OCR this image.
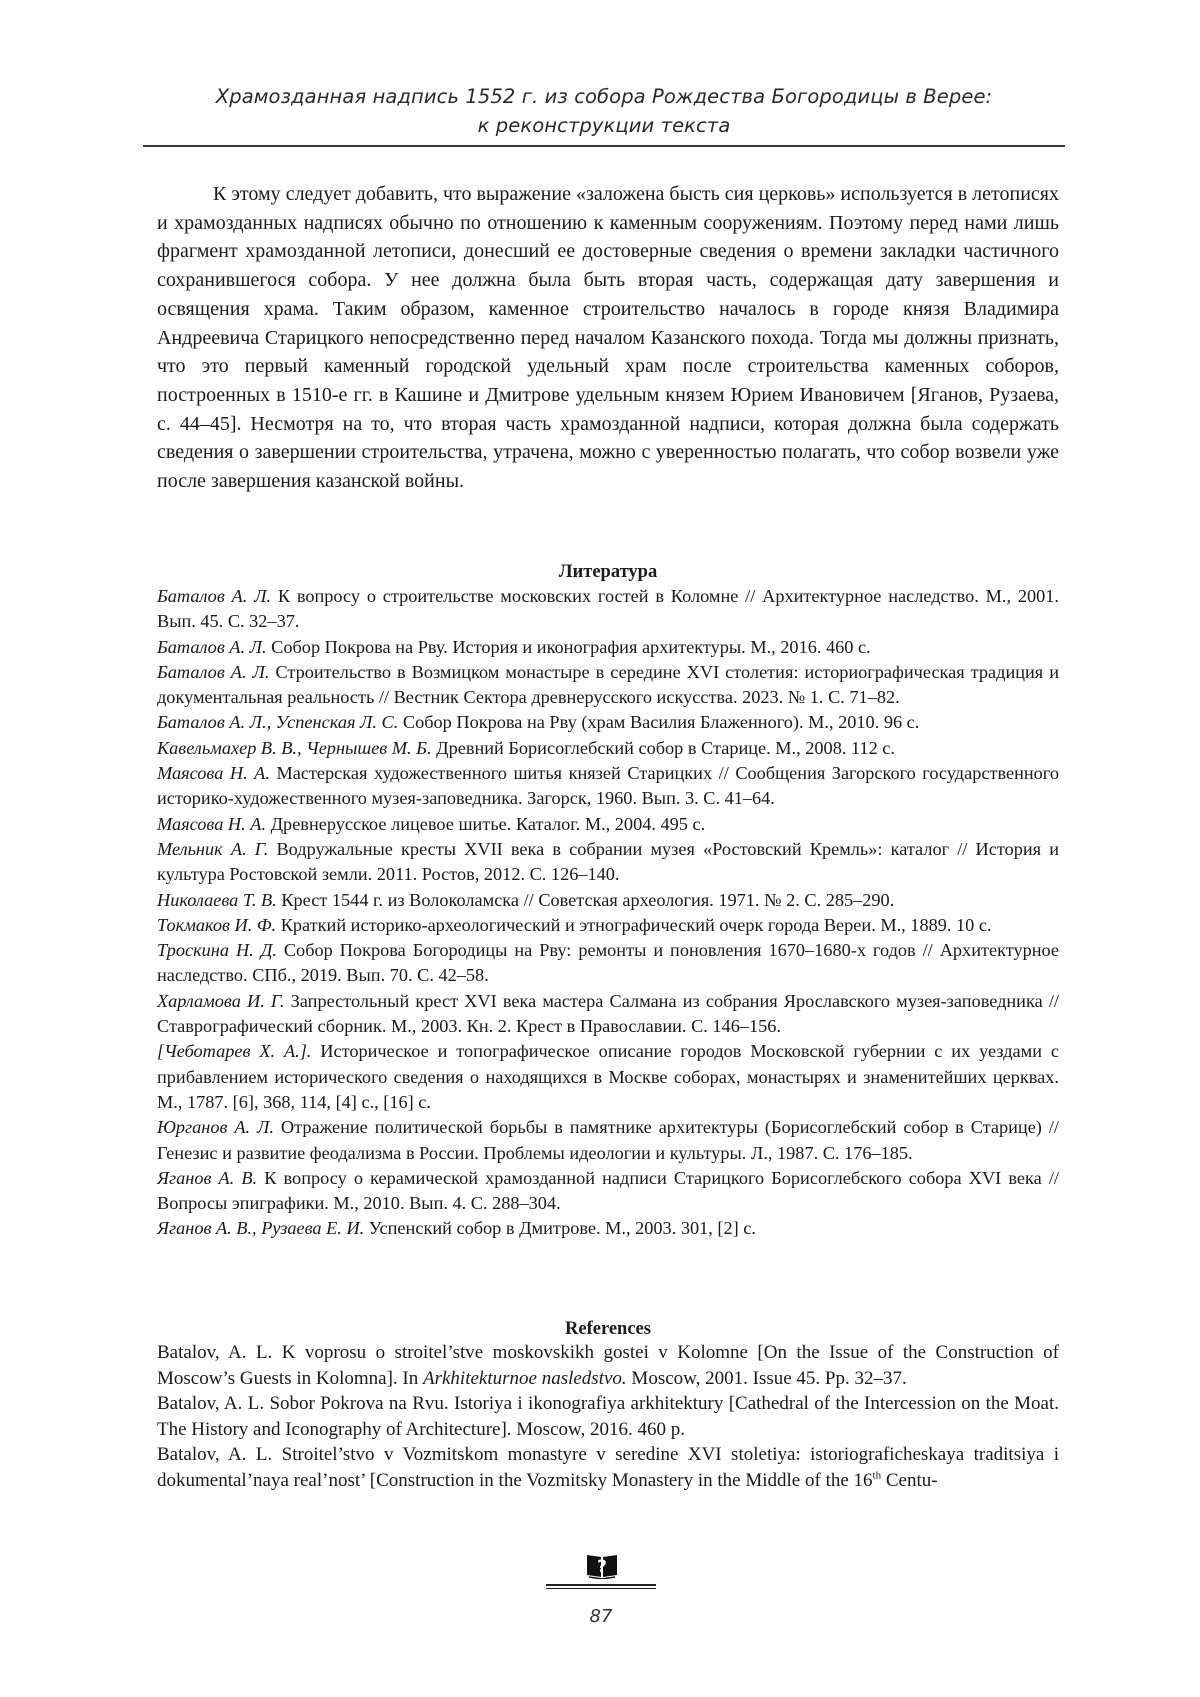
Храмозданная надпись 1552 г. из собора Рождества Богородицы в Верее:
к реконструкции текста

К этому следует добавить, что выражение «заложена бысть сия церковь» используется в летописях и храмозданных надписях обычно по отношению к каменным сооружениям. Поэтому перед нами лишь фрагмент храмозданной летописи, донесший ее достоверные сведения о времени закладки частичного сохранившегося собора. У нее должна была быть вторая часть, содержащая дату завершения и освящения храма. Таким образом, каменное строительство началось в городе князя Владимира Андреевича Старицкого непосредственно перед началом Казанского похода. Тогда мы должны признать, что это первый каменный городской удельный храм после строительства каменных соборов, построенных в 1510-е гг. в Кашине и Дмитрове удельным князем Юрием Ивановичем [Яганов, Рузаева, с. 44–45]. Несмотря на то, что вторая часть храмозданной надписи, которая должна была содержать сведения о завершении строительства, утрачена, можно с уверенностью полагать, что собор возвели уже после завершения казанской войны.

Литература

Баталов А. Л. К вопросу о строительстве московских гостей в Коломне // Архитектурное наследство. М., 2001. Вып. 45. С. 32–37.

Баталов А. Л. Собор Покрова на Рву. История и иконография архитектуры. М., 2016. 460 с.

Баталов А. Л. Строительство в Возмицком монастыре в середине XVI столетия: историографическая традиция и документальная реальность // Вестник Сектора древнерусского искусства. 2023. № 1. С. 71–82.

Баталов А. Л., Успенская Л. С. Собор Покрова на Рву (храм Василия Блаженного). М., 2010. 96 с.

Кавельмахер В. В., Чернышев М. Б. Древний Борисоглебский собор в Старице. М., 2008. 112 с.

Маясова Н. А. Мастерская художественного шитья князей Старицких // Сообщения Загорского государственного историко-художественного музея-заповедника. Загорск, 1960. Вып. 3. С. 41–64.

Маясова Н. А. Древнерусское лицевое шитье. Каталог. М., 2004. 495 с.

Мельник А. Г. Водружальные кресты XVII века в собрании музея «Ростовский Кремль»: каталог // История и культура Ростовской земли. 2011. Ростов, 2012. С. 126–140.

Николаева Т. В. Крест 1544 г. из Волоколамска // Советская археология. 1971. № 2. С. 285–290.

Токмаков И. Ф. Краткий историко-археологический и этнографический очерк города Вереи. М., 1889. 10 с.

Троскина Н. Д. Собор Покрова Богородицы на Рву: ремонты и поновления 1670–1680-х годов // Архитектурное наследство. СПб., 2019. Вып. 70. С. 42–58.

Харламова И. Г. Запрестольный крест XVI века мастера Салмана из собрания Ярославского музея-заповедника // Ставрографический сборник. М., 2003. Кн. 2. Крест в Православии. С. 146–156.

[Чеботарев Х. А.]. Историческое и топографическое описание городов Московской губернии с их уездами с прибавлением исторического сведения о находящихся в Москве соборах, монастырях и знаменитейших церквах. М., 1787. [6], 368, 114, [4] с., [16] с.

Юрганов А. Л. Отражение политической борьбы в памятнике архитектуры (Борисоглебский собор в Старице) // Генезис и развитие феодализма в России. Проблемы идеологии и культуры. Л., 1987. С. 176–185.

Яганов А. В. К вопросу о керамической храмозданной надписи Старицкого Борисоглебского собора XVI века // Вопросы эпиграфики. М., 2010. Вып. 4. С. 288–304.

Яганов А. В., Рузаева Е. И. Успенский собор в Дмитрове. М., 2003. 301, [2] с.

References

Batalov, A. L. K voprosu o stroitel’stve moskovskikh gostei v Kolomne [On the Issue of the Construction of Moscow’s Guests in Kolomna]. In Arkhitekturnoe nasledstvo. Moscow, 2001. Issue 45. Pp. 32–37.

Batalov, A. L. Sobor Pokrova na Rvu. Istoriya i ikonografiya arkhitektury [Cathedral of the Intercession on the Moat. The History and Iconography of Architecture]. Moscow, 2016. 460 p.

Batalov, A. L. Stroitel’stvo v Vozmitskom monastyre v seredine XVI stoletiya: istoriograficheskaya traditsiya i dokumental’naya real’nost’ [Construction in the Vozmitsky Monastery in the Middle of the 16th Centu-

?
87
